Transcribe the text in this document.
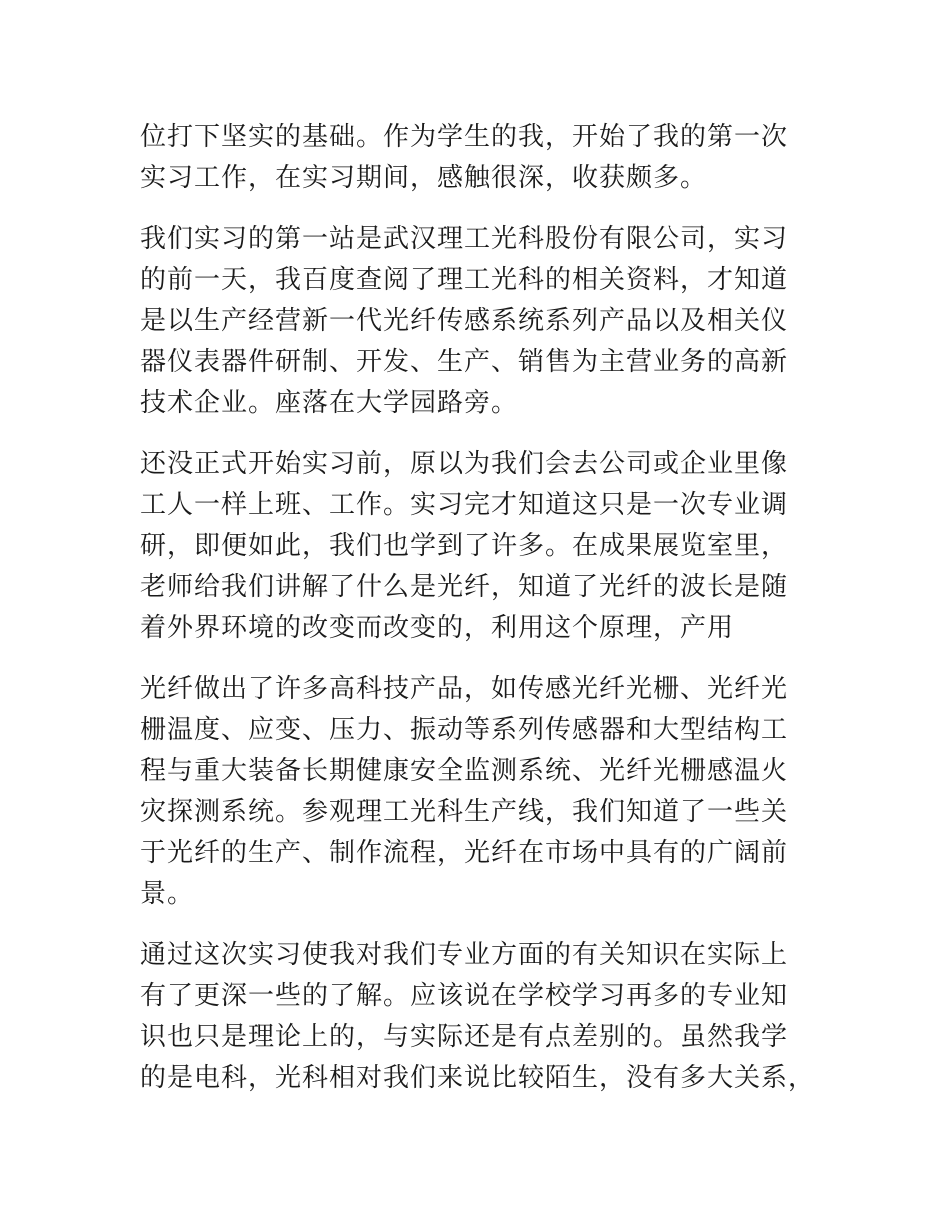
位打下坚实的基础。作为学生的我，开始了我的第一次
实习工作，在实习期间，感触很深，收获颇多。
我们实习的第一站是武汉理工光科股份有限公司，实习
的前一天，我百度查阅了理工光科的相关资料，才知道
是以生产经营新一代光纤传感系统系列产品以及相关仪
器仪表器件研制、开发、生产、销售为主营业务的高新
技术企业。座落在大学园路旁。
还没正式开始实习前，原以为我们会去公司或企业里像
工人一样上班、工作。实习完才知道这只是一次专业调
研，即便如此，我们也学到了许多。在成果展览室里，
老师给我们讲解了什么是光纤，知道了光纤的波长是随
着外界环境的改变而改变的，利用这个原理，产用
光纤做出了许多高科技产品，如传感光纤光栅、光纤光
栅温度、应变、压力、振动等系列传感器和大型结构工
程与重大装备长期健康安全监测系统、光纤光栅感温火
灾探测系统。参观理工光科生产线，我们知道了一些关
于光纤的生产、制作流程，光纤在市场中具有的广阔前
景。
通过这次实习使我对我们专业方面的有关知识在实际上
有了更深一些的了解。应该说在学校学习再多的专业知
识也只是理论上的，与实际还是有点差别的。虽然我学
的是电科，光科相对我们来说比较陌生，没有多大关系，
